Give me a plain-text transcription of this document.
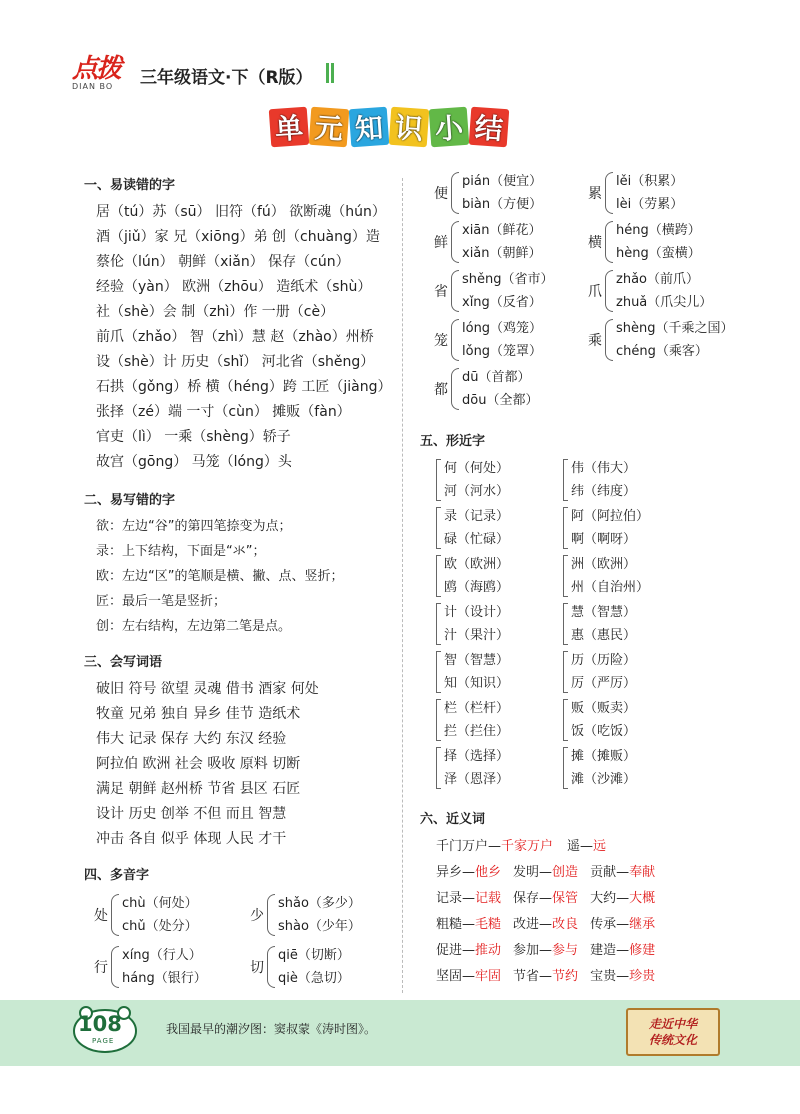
点拨
DIAN BO	三年级语文·下（R版）
单 元 知 识 小 结
一、易读错的字
居（tú）苏（sū） 旧符（fú） 欲断魂（hún）
酒（jiǔ）家 兄（xiōng）弟 创（chuàng）造
蔡伦（lún） 朝鲜（xiǎn） 保存（cún）
经验（yàn） 欧洲（zhōu） 造纸术（shù）
社（shè）会 制（zhì）作 一册（cè）
前爪（zhǎo） 智（zhì）慧 赵（zhào）州桥
设（shè）计 历史（shǐ） 河北省（shěng）
石拱（gǒng）桥 横（héng）跨 工匠（jiàng）
张择（zé）端 一寸（cùn） 摊贩（fàn）
官吏（lì） 一乘（shèng）轿子
故宫（gōng） 马笼（lóng）头
二、易写错的字
欲：左边“谷”的第四笔捺变为点；
录：上下结构，下面是“氺”；
欧：左边“区”的笔顺是横、撇、点、竖折；
匠：最后一笔是竖折；
创：左右结构，左边第二笔是点。
三、会写词语
破旧 符号 欲望 灵魂 借书 酒家 何处
牧童 兄弟 独自 异乡 佳节 造纸术
伟大 记录 保存 大约 东汉 经验
阿拉伯 欧洲 社会 吸收 原料 切断
满足 朝鲜 赵州桥 节省 县区 石匠
设计 历史 创举 不但 而且 智慧
冲击 各自 似乎 体现 人民 才干
四、多音字
处
chù（何处）
chǔ（处分）
行
xíng（行人）
háng（银行）
少
shǎo（多少）
shào（少年）
切
qiē（切断）
qiè（急切）
便
pián（便宜）
biàn（方便）
鲜
xiān（鲜花）
xiǎn（朝鲜）
省
shěng（省市）
xǐng（反省）
笼
lóng（鸡笼）
lǒng（笼罩）
都
dū（首都）
dōu（全都）
累
lěi（积累）
lèi（劳累）
横
héng（横跨）
hèng（蛮横）
爪
zhǎo（前爪）
zhuǎ（爪尖儿）
乘
shèng（千乘之国）
chéng（乘客）
五、形近字
何（何处）
河（河水）
录（记录）
碌（忙碌）
欧（欧洲）
鸥（海鸥）
计（设计）
汁（果汁）
智（智慧）
知（知识）
栏（栏杆）
拦（拦住）
择（选择）
泽（恩泽）
伟（伟大）
纬（纬度）
阿（阿拉伯）
啊（啊呀）
洲（欧洲）
州（自治州）
慧（智慧）
惠（惠民）
历（历险）
厉（严厉）
贩（贩卖）
饭（吃饭）
摊（摊贩）
滩（沙滩）
六、近义词
千门万户—千家万户 遥—远
异乡—他乡 发明—创造 贡献—奉献
记录—记载 保存—保管 大约—大概
粗糙—毛糙 改进—改良 传承—继承
促进—推动 参加—参与 建造—修建
坚固—牢固 节省—节约 宝贵—珍贵
108
PAGE
我国最早的潮汐图：窦叔蒙《涛时图》。	走近中华
传统文化
